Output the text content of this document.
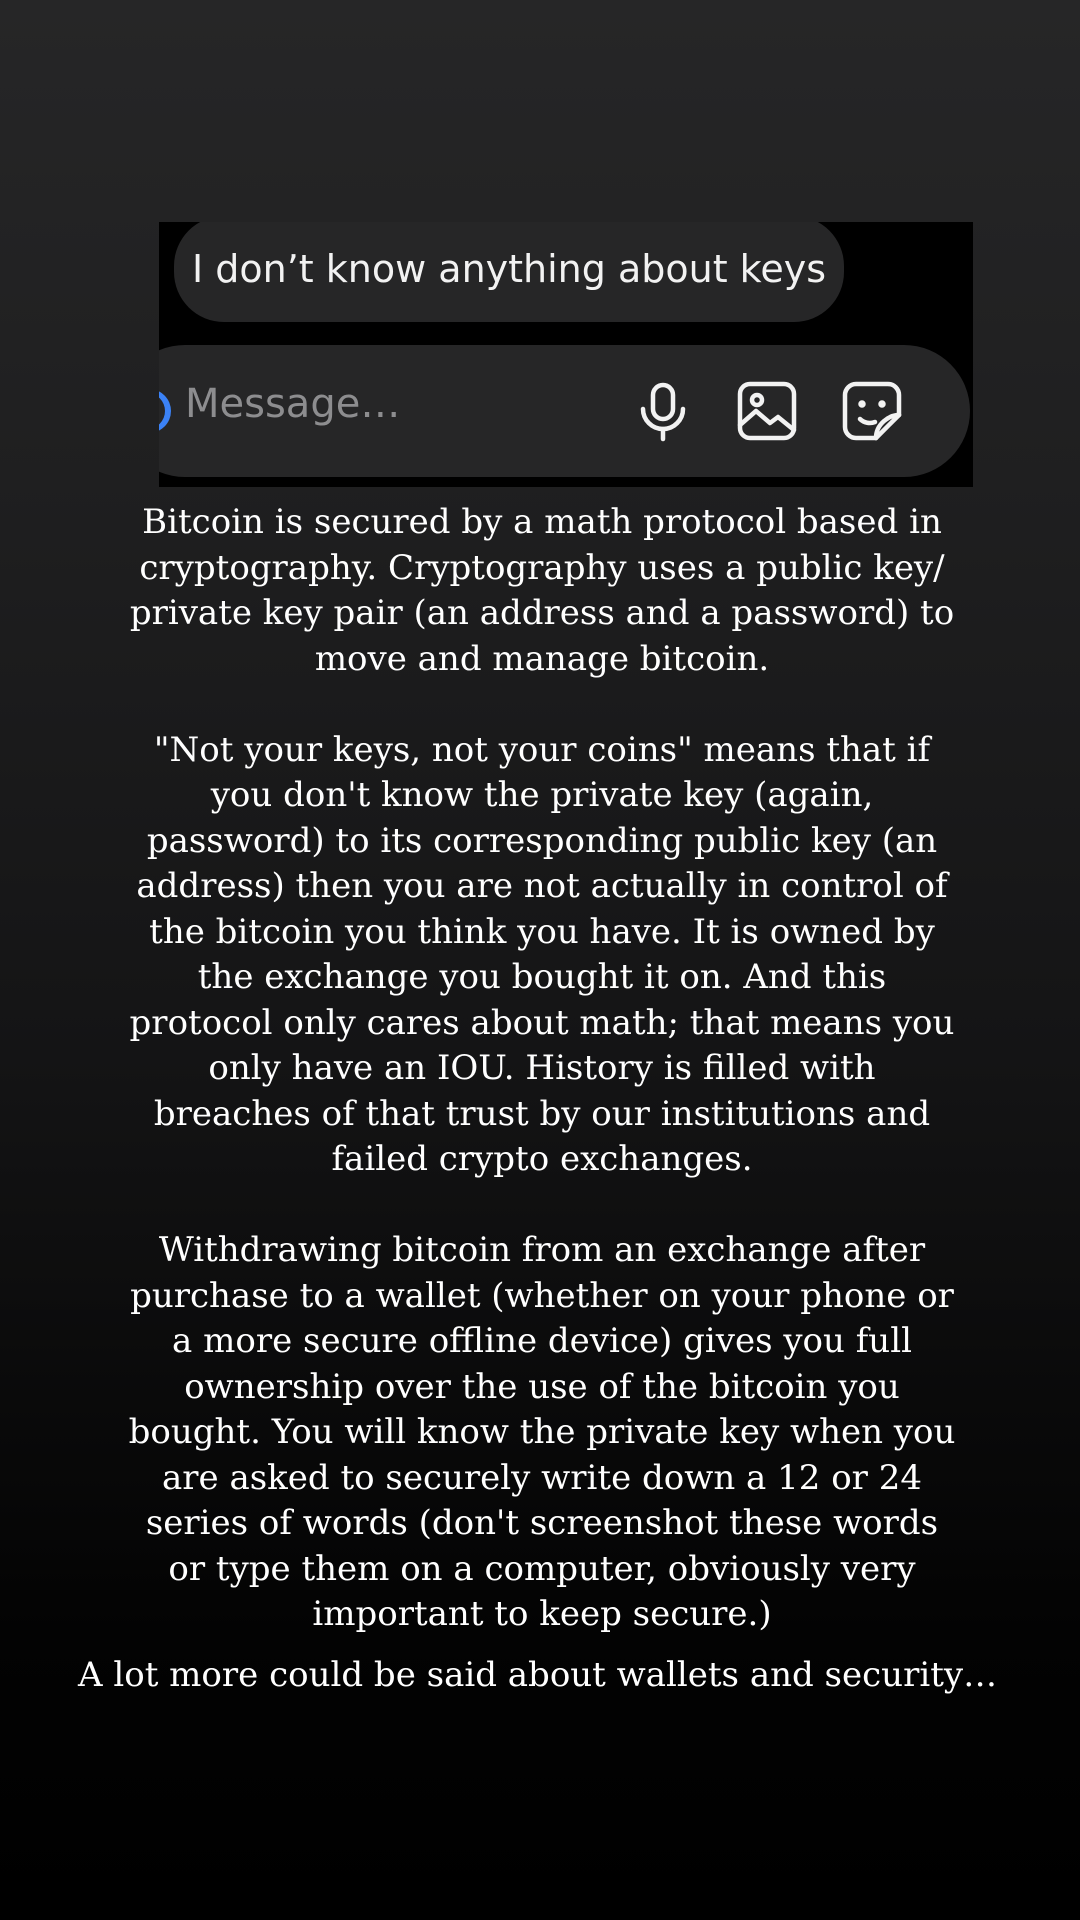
I don’t know anything about keys
Message…

Bitcoin is secured by a math protocol based in cryptography. Cryptography uses a public key/ private key pair (an address and a password) to move and manage bitcoin.

"Not your keys, not your coins" means that if you don't know the private key (again, password) to its corresponding public key (an address) then you are not actually in control of the bitcoin you think you have. It is owned by the exchange you bought it on. And this protocol only cares about math; that means you only have an IOU. History is filled with breaches of that trust by our institutions and failed crypto exchanges.

Withdrawing bitcoin from an exchange after purchase to a wallet (whether on your phone or a more secure offline device) gives you full ownership over the use of the bitcoin you bought. You will know the private key when you are asked to securely write down a 12 or 24 series of words (don't screenshot these words or type them on a computer, obviously very important to keep secure.)

A lot more could be said about wallets and security…
